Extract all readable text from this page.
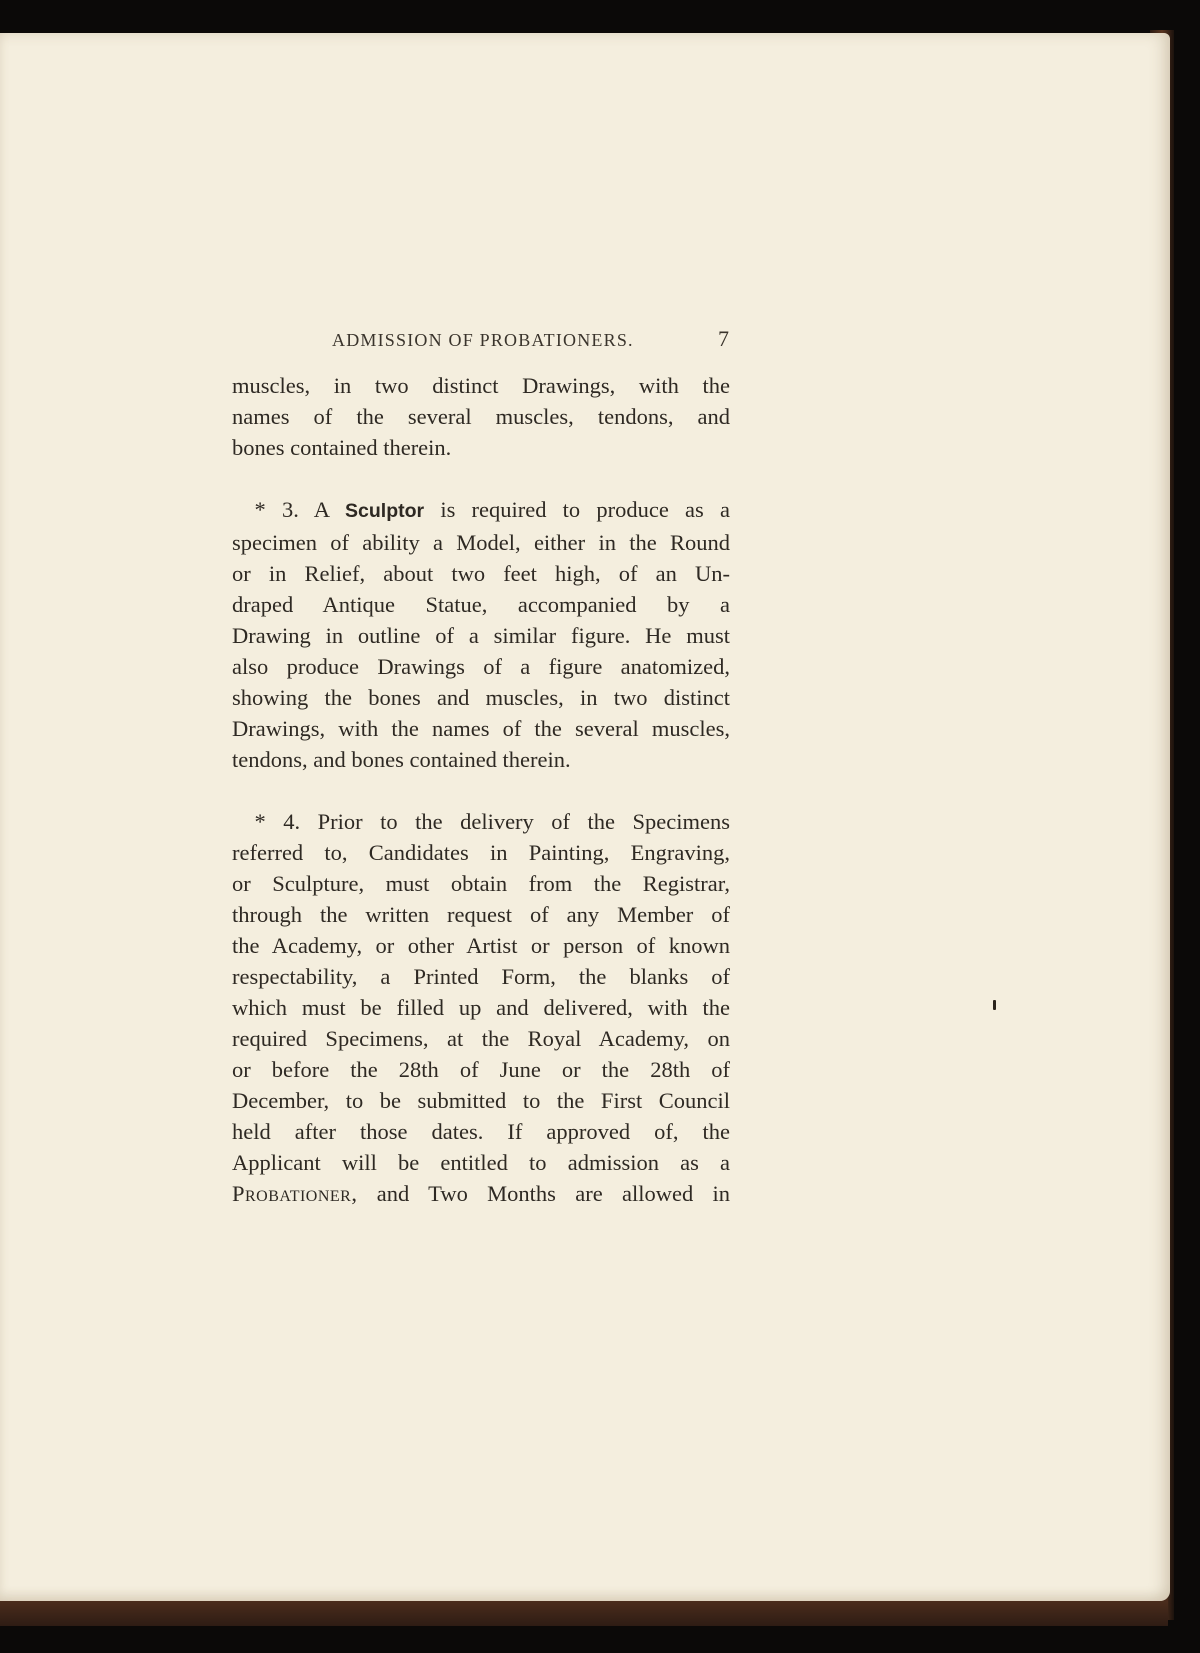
ADMISSION OF PROBATIONERS.	7
muscles, in two distinct Drawings, with the
names of the several muscles, tendons, and
bones contained therein.
 * 3. A Sculptor is required to produce as a
specimen of ability a Model, either in the Round
or in Relief, about two feet high, of an Un-
draped Antique Statue, accompanied by a
Drawing in outline of a similar figure. He must
also produce Drawings of a figure anatomized,
showing the bones and muscles, in two distinct
Drawings, with the names of the several muscles,
tendons, and bones contained therein.
 * 4. Prior to the delivery of the Specimens
referred to, Candidates in Painting, Engraving,
or Sculpture, must obtain from the Registrar,
through the written request of any Member of
the Academy, or other Artist or person of known
respectability, a Printed Form, the blanks of
which must be filled up and delivered, with the
required Specimens, at the Royal Academy, on
or before the 28th of June or the 28th of
December, to be submitted to the First Council
held after those dates. If approved of, the
Applicant will be entitled to admission as a
Probationer, and Two Months are allowed in
